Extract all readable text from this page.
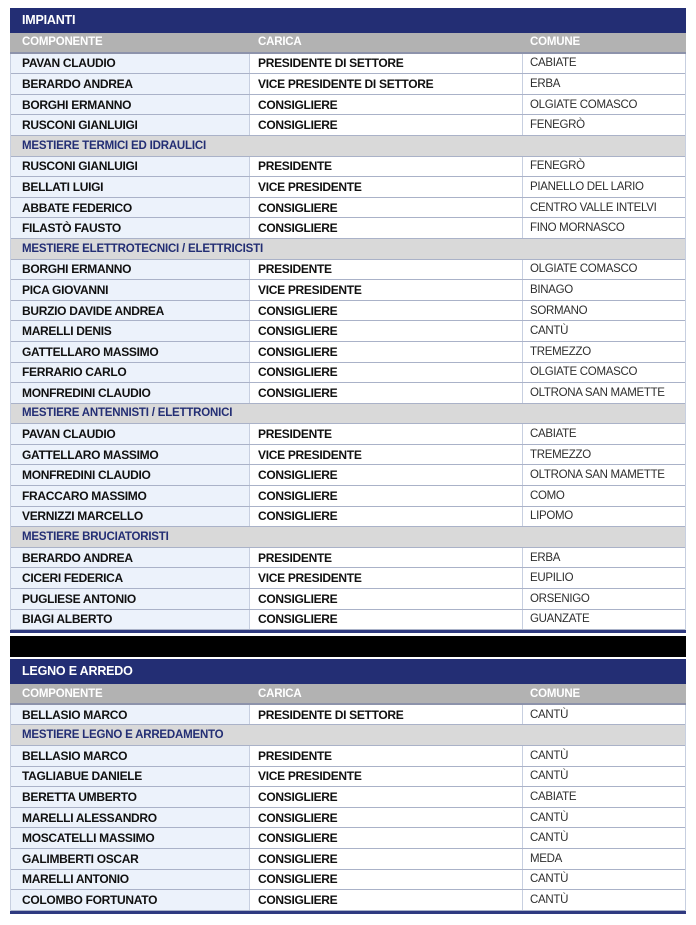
IMPIANTI
COMPONENTE	CARICA	COMUNE
PAVAN CLAUDIO	PRESIDENTE DI SETTORE	CABIATE
BERARDO ANDREA	VICE PRESIDENTE DI SETTORE	ERBA
BORGHI ERMANNO	CONSIGLIERE	OLGIATE COMASCO
RUSCONI GIANLUIGI	CONSIGLIERE	FENEGRÒ
MESTIERE TERMICI ED IDRAULICI
RUSCONI GIANLUIGI	PRESIDENTE	FENEGRÒ
BELLATI LUIGI	VICE PRESIDENTE	PIANELLO DEL LARIO
ABBATE FEDERICO	CONSIGLIERE	CENTRO VALLE INTELVI
FILASTÒ FAUSTO	CONSIGLIERE	FINO MORNASCO
MESTIERE ELETTROTECNICI / ELETTRICISTI
BORGHI ERMANNO	PRESIDENTE	OLGIATE COMASCO
PICA GIOVANNI	VICE PRESIDENTE	BINAGO
BURZIO DAVIDE ANDREA	CONSIGLIERE	SORMANO
MARELLI DENIS	CONSIGLIERE	CANTÙ
GATTELLARO MASSIMO	CONSIGLIERE	TREMEZZO
FERRARIO CARLO	CONSIGLIERE	OLGIATE COMASCO
MONFREDINI CLAUDIO	CONSIGLIERE	OLTRONA SAN MAMETTE
MESTIERE ANTENNISTI / ELETTRONICI
PAVAN CLAUDIO	PRESIDENTE	CABIATE
GATTELLARO MASSIMO	VICE PRESIDENTE	TREMEZZO
MONFREDINI CLAUDIO	CONSIGLIERE	OLTRONA SAN MAMETTE
FRACCARO MASSIMO	CONSIGLIERE	COMO
VERNIZZI MARCELLO	CONSIGLIERE	LIPOMO
MESTIERE BRUCIATORISTI
BERARDO ANDREA	PRESIDENTE	ERBA
CICERI FEDERICA	VICE PRESIDENTE	EUPILIO
PUGLIESE ANTONIO	CONSIGLIERE	ORSENIGO
BIAGI ALBERTO	CONSIGLIERE	GUANZATE
LEGNO E ARREDO
COMPONENTE	CARICA	COMUNE
BELLASIO MARCO	PRESIDENTE DI SETTORE	CANTÙ
MESTIERE LEGNO E ARREDAMENTO
BELLASIO MARCO	PRESIDENTE	CANTÙ
TAGLIABUE DANIELE	VICE PRESIDENTE	CANTÙ
BERETTA UMBERTO	CONSIGLIERE	CABIATE
MARELLI ALESSANDRO	CONSIGLIERE	CANTÙ
MOSCATELLI MASSIMO	CONSIGLIERE	CANTÙ
GALIMBERTI OSCAR	CONSIGLIERE	MEDA
MARELLI ANTONIO	CONSIGLIERE	CANTÙ
COLOMBO FORTUNATO	CONSIGLIERE	CANTÙ
